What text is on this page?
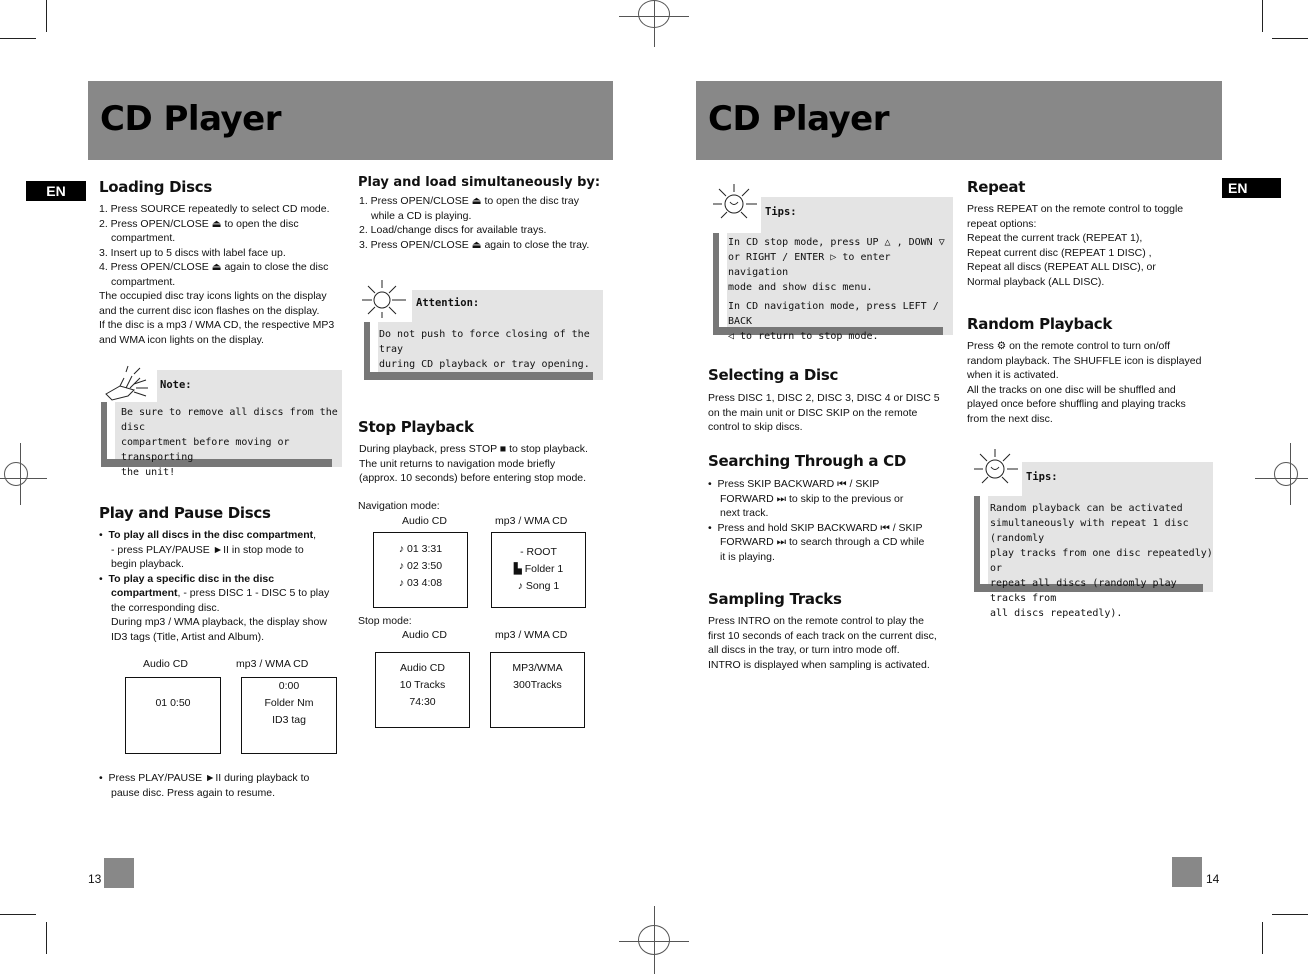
CD Player
EN	Loading Discs

1. Press SOURCE repeatedly to select CD mode.

2. Press OPEN/CLOSE ⏏ to open the disc

compartment.

3. Insert up to 5 discs with label face up.

4. Press OPEN/CLOSE ⏏ again to close the disc

compartment.

The occupied disc tray icons lights on the display

and the current disc icon flashes on the display.

If the disc is a mp3 / WMA CD, the respective MP3

and WMA icon lights on the display.

Note:
Be sure to remove all discs from the disc
compartment before moving or transporting
the unit!
Play and Pause Discs

•  To play all discs in the disc compartment,

- press PLAY/PAUSE ►II in stop mode to

begin playback.

•  To play a specific disc in the disc

compartment, - press DISC 1 - DISC 5 to play

the corresponding disc.

During mp3 / WMA playback, the display show

ID3 tags (Title, Artist and Album).

Audio CD	mp3 / WMA CD
01 0:50
0:00
Folder Nm
ID3 tag

•  Press PLAY/PAUSE ►II during playback to

pause disc. Press again to resume.

Play and load simultaneously by:

1. Press OPEN/CLOSE ⏏ to open the disc tray

while a CD is playing.

2. Load/change discs for available trays.

3. Press OPEN/CLOSE ⏏ again to close the tray.

Attention:
Do not push to force closing of the tray
during CD playback or tray opening.
Stop Playback

During playback, press STOP ■ to stop playback.

The unit returns to navigation mode briefly

(approx. 10 seconds) before entering stop mode.

Navigation mode:
Audio CD	mp3 / WMA CD
♪ 01 3:31
♪ 02 3:50
♪ 03 4:08
- ROOT
▙ Folder 1
♪ Song 1
Stop mode:
Audio CD	mp3 / WMA CD
Audio CD
10 Tracks
74:30
MP3/WMA
300Tracks
13
CD Player
EN
Tips:
In CD stop mode, press UP △ , DOWN ▽
or RIGHT / ENTER ▷ to enter navigation
mode and show disc menu.
In CD navigation mode, press LEFT / BACK
◁ to return to stop mode.
Selecting a Disc

Press DISC 1, DISC 2, DISC 3, DISC 4 or DISC 5

on the main unit or DISC SKIP on the remote

control to skip discs.

Searching Through a CD

•  Press SKIP BACKWARD ⏮ / SKIP

FORWARD ⏭ to skip to the previous or

next track.

•  Press and hold SKIP BACKWARD ⏮ / SKIP

FORWARD ⏭ to search through a CD while

it is playing.

Sampling Tracks

Press INTRO on the remote control to play the

first 10 seconds of each track on the current disc,

all discs in the tray, or turn intro mode off.

INTRO is displayed when sampling is activated.

Repeat

Press REPEAT on the remote control to toggle

repeat options:

Repeat the current track (REPEAT 1),

Repeat current disc (REPEAT 1 DISC) ,

Repeat all discs (REPEAT ALL DISC), or

Normal playback (ALL DISC).

Random Playback

Press ⚙ on the remote control to turn on/off

random playback. The SHUFFLE icon is displayed

when it is activated.

All the tracks on one disc will be shuffled and

played once before shuffling and playing tracks

from the next disc.

Tips:
Random playback can be activated
simultaneously with repeat 1 disc (randomly
play tracks from one disc repeatedly) or
repeat all discs (randomly play tracks from
all discs repeatedly).
14
